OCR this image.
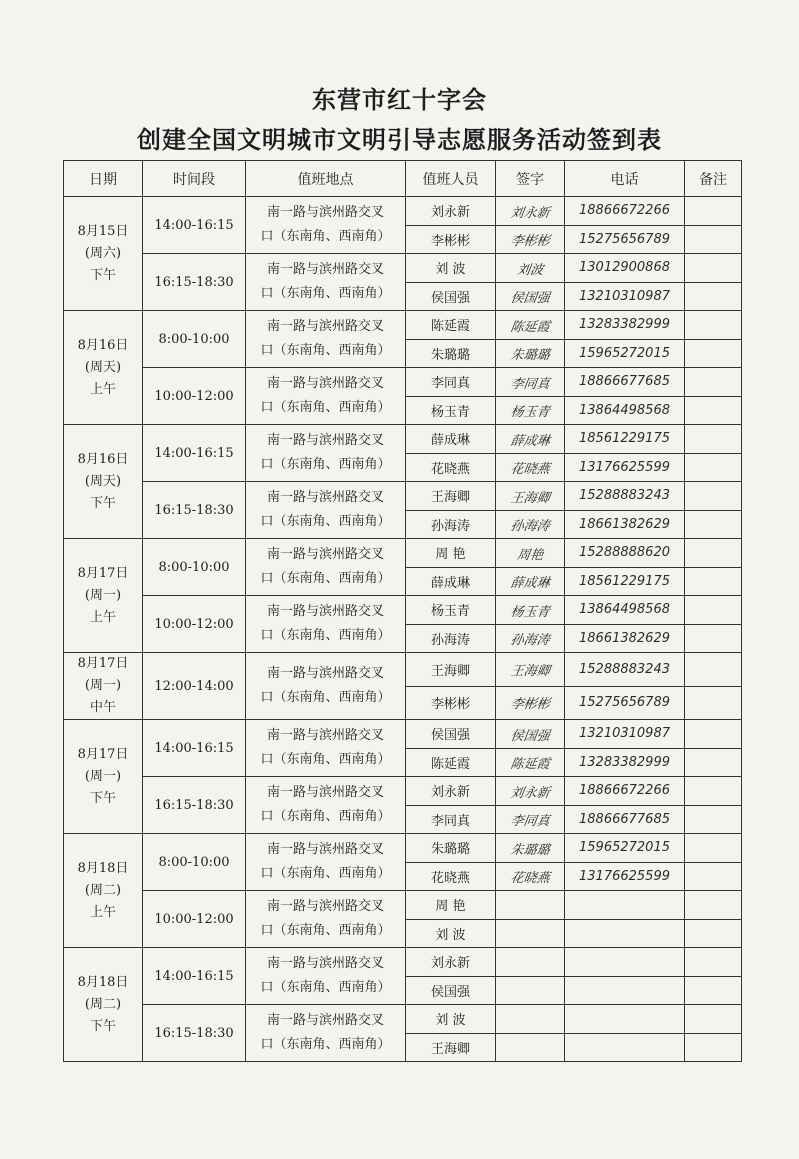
东营市红十字会
创建全国文明城市文明引导志愿服务活动签到表
日期	时间段	值班地点	值班人员	签字	电话	备注

8月15日
(周六)
下午	14:00-16:15	南一路与滨州路交叉
口（东南角、西南角）	刘永新	刘永新	18866672266	
			李彬彬	李彬彬	15275656789	
	16:15-18:30	南一路与滨州路交叉
口（东南角、西南角）	刘 波	刘波	13012900868	
			侯国强	侯国强	13210310987	

8月16日
(周天)
上午	8:00-10:00	南一路与滨州路交叉
口（东南角、西南角）	陈延霞	陈延霞	13283382999	
			朱璐璐	朱璐璐	15965272015	
	10:00-12:00	南一路与滨州路交叉
口（东南角、西南角）	李同真	李同真	18866677685	
			杨玉青	杨玉青	13864498568	

8月16日
(周天)
下午	14:00-16:15	南一路与滨州路交叉
口（东南角、西南角）	薛成琳	薛成琳	18561229175	
			花晓燕	花晓燕	13176625599	
	16:15-18:30	南一路与滨州路交叉
口（东南角、西南角）	王海卿	王海卿	15288883243	
			孙海涛	孙海涛	18661382629	

8月17日
(周一)
上午	8:00-10:00	南一路与滨州路交叉
口（东南角、西南角）	周 艳	周艳	15288888620	
			薛成琳	薛成琳	18561229175	
	10:00-12:00	南一路与滨州路交叉
口（东南角、西南角）	杨玉青	杨玉青	13864498568	
			孙海涛	孙海涛	18661382629	

8月17日
(周一)
中午	12:00-14:00	南一路与滨州路交叉
口（东南角、西南角）	王海卿	王海卿	15288883243	
			李彬彬	李彬彬	15275656789	

8月17日
(周一)
下午	14:00-16:15	南一路与滨州路交叉
口（东南角、西南角）	侯国强	侯国强	13210310987	
			陈延霞	陈延霞	13283382999	
	16:15-18:30	南一路与滨州路交叉
口（东南角、西南角）	刘永新	刘永新	18866672266	
			李同真	李同真	18866677685	

8月18日
(周二)
上午	8:00-10:00	南一路与滨州路交叉
口（东南角、西南角）	朱璐璐	朱璐璐	15965272015	
			花晓燕	花晓燕	13176625599	
	10:00-12:00	南一路与滨州路交叉
口（东南角、西南角）	周 艳			
			刘 波			

8月18日
(周二)
下午	14:00-16:15	南一路与滨州路交叉
口（东南角、西南角）	刘永新			
			侯国强			
	16:15-18:30	南一路与滨州路交叉
口（东南角、西南角）	刘 波			
			王海卿			
